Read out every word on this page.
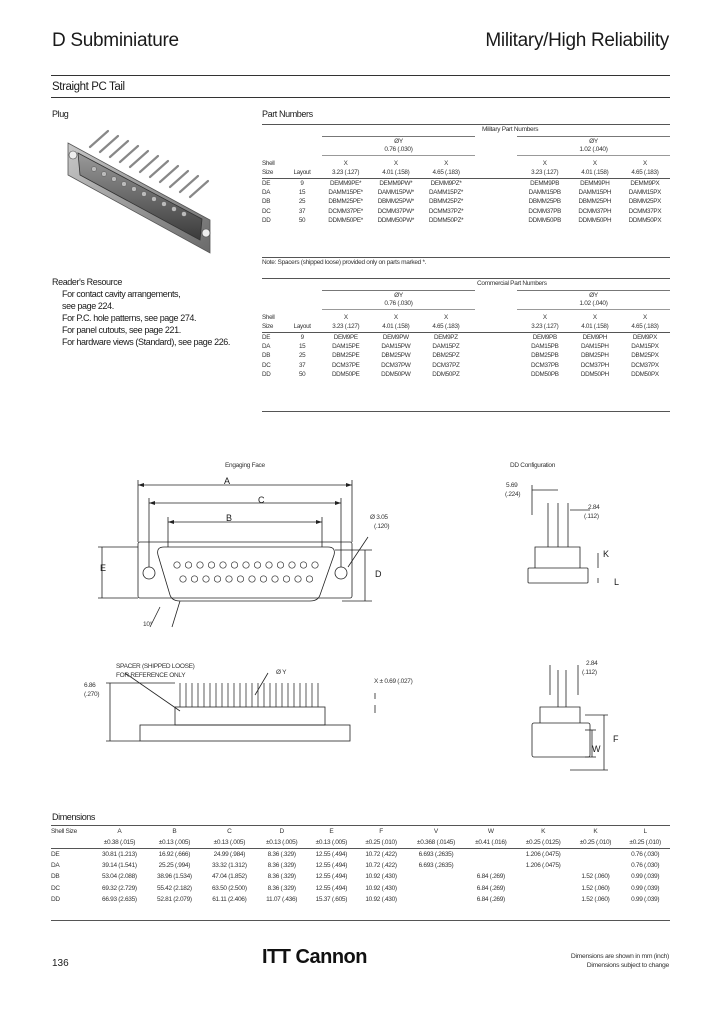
D Subminiature	Military/High Reliability
Straight PC Tail
Plug
Reader's Resource
For contact cavity arrangements,
see page 224.
For P.C. hole patterns, see page 274.
For panel cutouts, see page 221.
For hardware views (Standard), see page 226.
Part Numbers
Military Part Numbers
ØY
0.76 (.030)
ØY
1.02 (.040)
Shell		X	X	X		X	X	X
Size	Layout	3.23 (.127)	4.01 (.158)	4.65 (.183)		3.23 (.127)	4.01 (.158)	4.65 (.183)
DE	9	DEMM9PE*	DEMM9PW*	DEMM9PZ*		DEMM9PB	DEMM9PH	DEMM9PX
DA	15	DAMM15PE*	DAMM15PW*	DAMM15PZ*		DAMM15PB	DAMM15PH	DAMM15PX
DB	25	DBMM25PE*	DBMM25PW*	DBMM25PZ*		DBMM25PB	DBMM25PH	DBMM25PX
DC	37	DCMM37PE*	DCMM37PW*	DCMM37PZ*		DCMM37PB	DCMM37PH	DCMM37PX
DD	50	DDMM50PE*	DDMM50PW*	DDMM50PZ*		DDMM50PB	DDMM50PH	DDMM50PX
Note: Spacers (shipped loose) provided only on parts marked *.
Commercial Part Numbers
ØY
0.76 (.030)
ØY
1.02 (.040)
Shell		X	X	X		X	X	X
Size	Layout	3.23 (.127)	4.01 (.158)	4.65 (.183)		3.23 (.127)	4.01 (.158)	4.65 (.183)
DE	9	DEM9PE	DEM9PW	DEM9PZ		DEM9PB	DEM9PH	DEM9PX
DA	15	DAM15PE	DAM15PW	DAM15PZ		DAM15PB	DAM15PH	DAM15PX
DB	25	DBM25PE	DBM25PW	DBM25PZ		DBM25PB	DBM25PH	DBM25PX
DC	37	DCM37PE	DCM37PW	DCM37PZ		DCM37PB	DCM37PH	DCM37PX
DD	50	DDM50PE	DDM50PW	DDM50PZ		DDM50PB	DDM50PH	DDM50PX
Engaging Face	DD Configuration
A
C
B
E
D
Ø 3.05
(.120)
10°
5.69
(.224)
2.84
(.112)
K
L
SPACER (SHIPPED LOOSE)
FOR REFERENCE ONLY
6.86
(.270)
Ø Y
X ± 0.69 (.027)
2.84
(.112)
F
W
Dimensions
Shell Size	A	B	C	D	E	F	V	W	K	K	L
	±0.38 (.015)	±0.13 (.005)	±0.13 (.005)	±0.13 (.005)	±0.13 (.005)	±0.25 (.010)	±0.368 (.0145)	±0.41 (.016)	±0.25 (.0125)	±0.25 (.010)	±0.25 (.010)
DE	30.81 (1.213)	16.92 (.666)	24.99 (.984)	8.36 (.329)	12.55 (.494)	10.72 (.422)	6.693 (.2635)		1.206 (.0475)		0.76 (.030)
DA	39.14 (1.541)	25.25 (.994)	33.32 (1.312)	8.36 (.329)	12.55 (.494)	10.72 (.422)	6.693 (.2635)		1.206 (.0475)		0.76 (.030)
DB	53.04 (2.088)	38.96 (1.534)	47.04 (1.852)	8.36 (.329)	12.55 (.494)	10.92 (.430)		6.84 (.269)		1.52 (.060)	0.99 (.039)
DC	69.32 (2.729)	55.42 (2.182)	63.50 (2.500)	8.36 (.329)	12.55 (.494)	10.92 (.430)		6.84 (.269)		1.52 (.060)	0.99 (.039)
DD	66.93 (2.635)	52.81 (2.079)	61.11 (2.406)	11.07 (.436)	15.37 (.605)	10.92 (.430)		6.84 (.269)		1.52 (.060)	0.99 (.039)
136	ITT Cannon	Dimensions are shown in mm (inch)
Dimensions subject to change
